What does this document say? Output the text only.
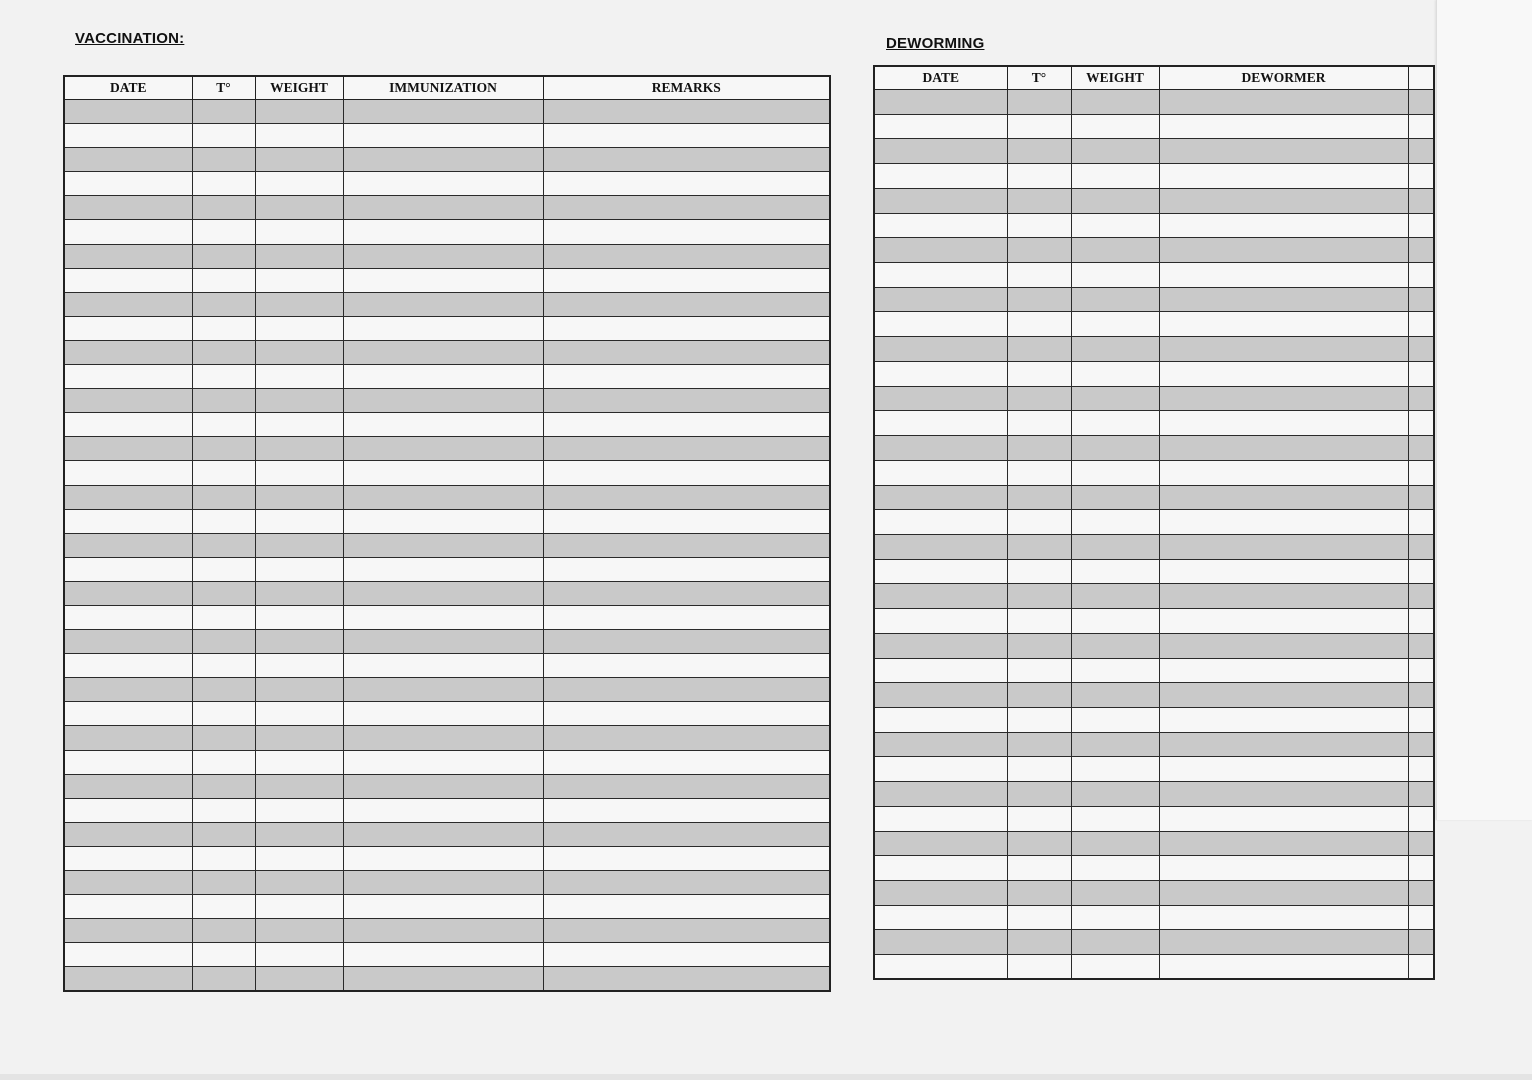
VACCINATION:
DATE	T°	WEIGHT	IMMUNIZATION	REMARKS

DEWORMING
DATE	T°	WEIGHT	DEWORMER	
